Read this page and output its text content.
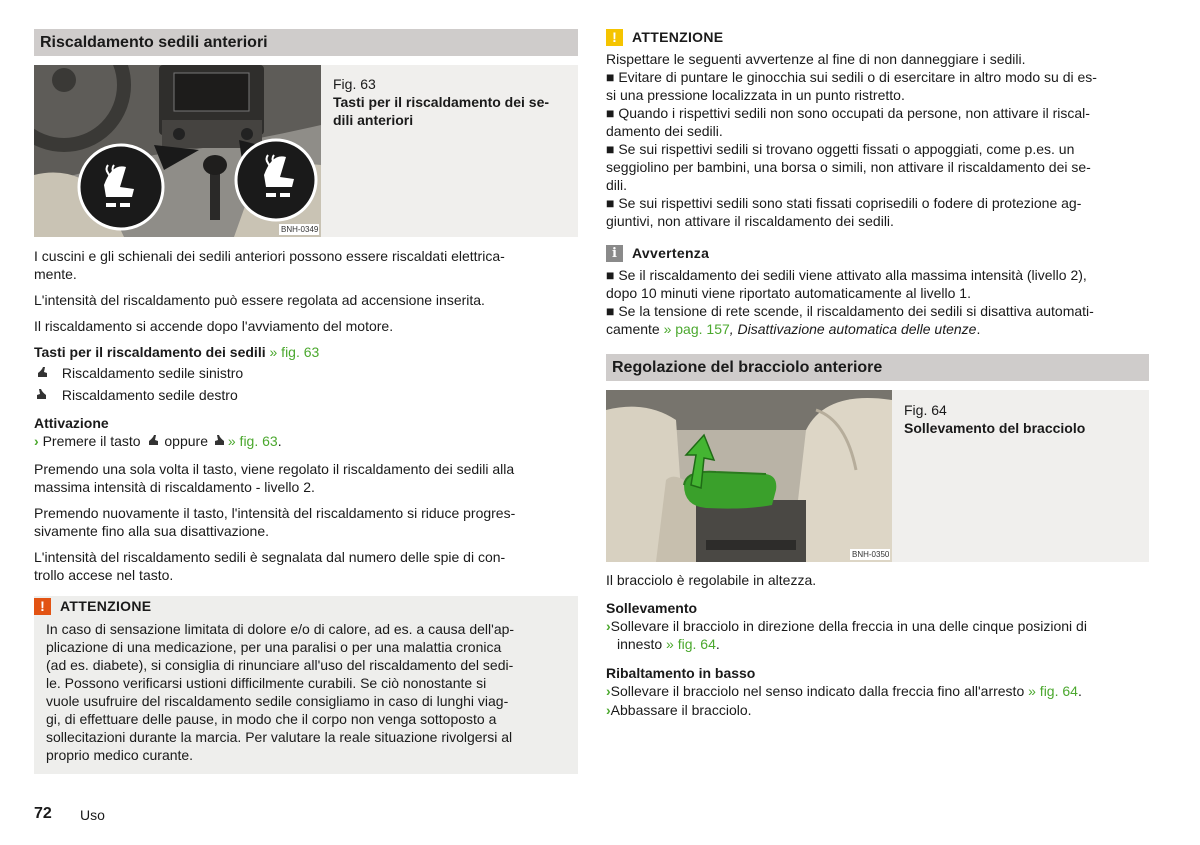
Riscaldamento sedili anteriori
BNH-0349
Fig. 63
Tasti per il riscaldamento dei se-
dili anteriori
I cuscini e gli schienali dei sedili anteriori possono essere riscaldati elettrica-
mente.
L'intensità del riscaldamento può essere regolata ad accensione inserita.
Il riscaldamento si accende dopo l'avviamento del motore.
Tasti per il riscaldamento dei sedili » fig. 63
Riscaldamento sedile sinistro
Riscaldamento sedile destro
Attivazione
› Premere il tasto oppure » fig. 63.
Premendo una sola volta il tasto, viene regolato il riscaldamento dei sedili alla
massima intensità di riscaldamento - livello 2.
Premendo nuovamente il tasto, l'intensità del riscaldamento si riduce progres-
sivamente fino alla sua disattivazione.
L'intensità del riscaldamento sedili è segnalata dal numero delle spie di con-
trollo accese nel tasto.
!	ATTENZIONE
In caso di sensazione limitata di dolore e/o di calore, ad es. a causa dell'ap-
plicazione di una medicazione, per una paralisi o per una malattia cronica
(ad es. diabete), si consiglia di rinunciare all'uso del riscaldamento del sedi-
le. Possono verificarsi ustioni difficilmente curabili. Se ciò nonostante si
vuole usufruire del riscaldamento sedile consigliamo in caso di lunghi viag-
gi, di effettuare delle pause, in modo che il corpo non venga sottoposto a
sollecitazioni durante la marcia. Per valutare la reale situazione rivolgersi al
proprio medico curante.
72 Uso
!	ATTENZIONE
Rispettare le seguenti avvertenze al fine di non danneggiare i sedili.
■ Evitare di puntare le ginocchia sui sedili o di esercitare in altro modo su di es-
si una pressione localizzata in un punto ristretto.
■ Quando i rispettivi sedili non sono occupati da persone, non attivare il riscal-
damento dei sedili.
■ Se sui rispettivi sedili si trovano oggetti fissati o appoggiati, come p.es. un
seggiolino per bambini, una borsa o simili, non attivare il riscaldamento dei se-
dili.
■ Se sui rispettivi sedili sono stati fissati coprisedili o fodere di protezione ag-
giuntivi, non attivare il riscaldamento dei sedili.
i	Avvertenza
■ Se il riscaldamento dei sedili viene attivato alla massima intensità (livello 2),
dopo 10 minuti viene riportato automaticamente al livello 1.
■ Se la tensione di rete scende, il riscaldamento dei sedili si disattiva automati-
camente » pag. 157, Disattivazione automatica delle utenze.
Regolazione del bracciolo anteriore
BNH-0350
Fig. 64
Sollevamento del bracciolo
Il bracciolo è regolabile in altezza.
Sollevamento
›Sollevare il bracciolo in direzione della freccia in una delle cinque posizioni di
innesto » fig. 64.
Ribaltamento in basso
›Sollevare il bracciolo nel senso indicato dalla freccia fino all'arresto » fig. 64.
›Abbassare il bracciolo.
